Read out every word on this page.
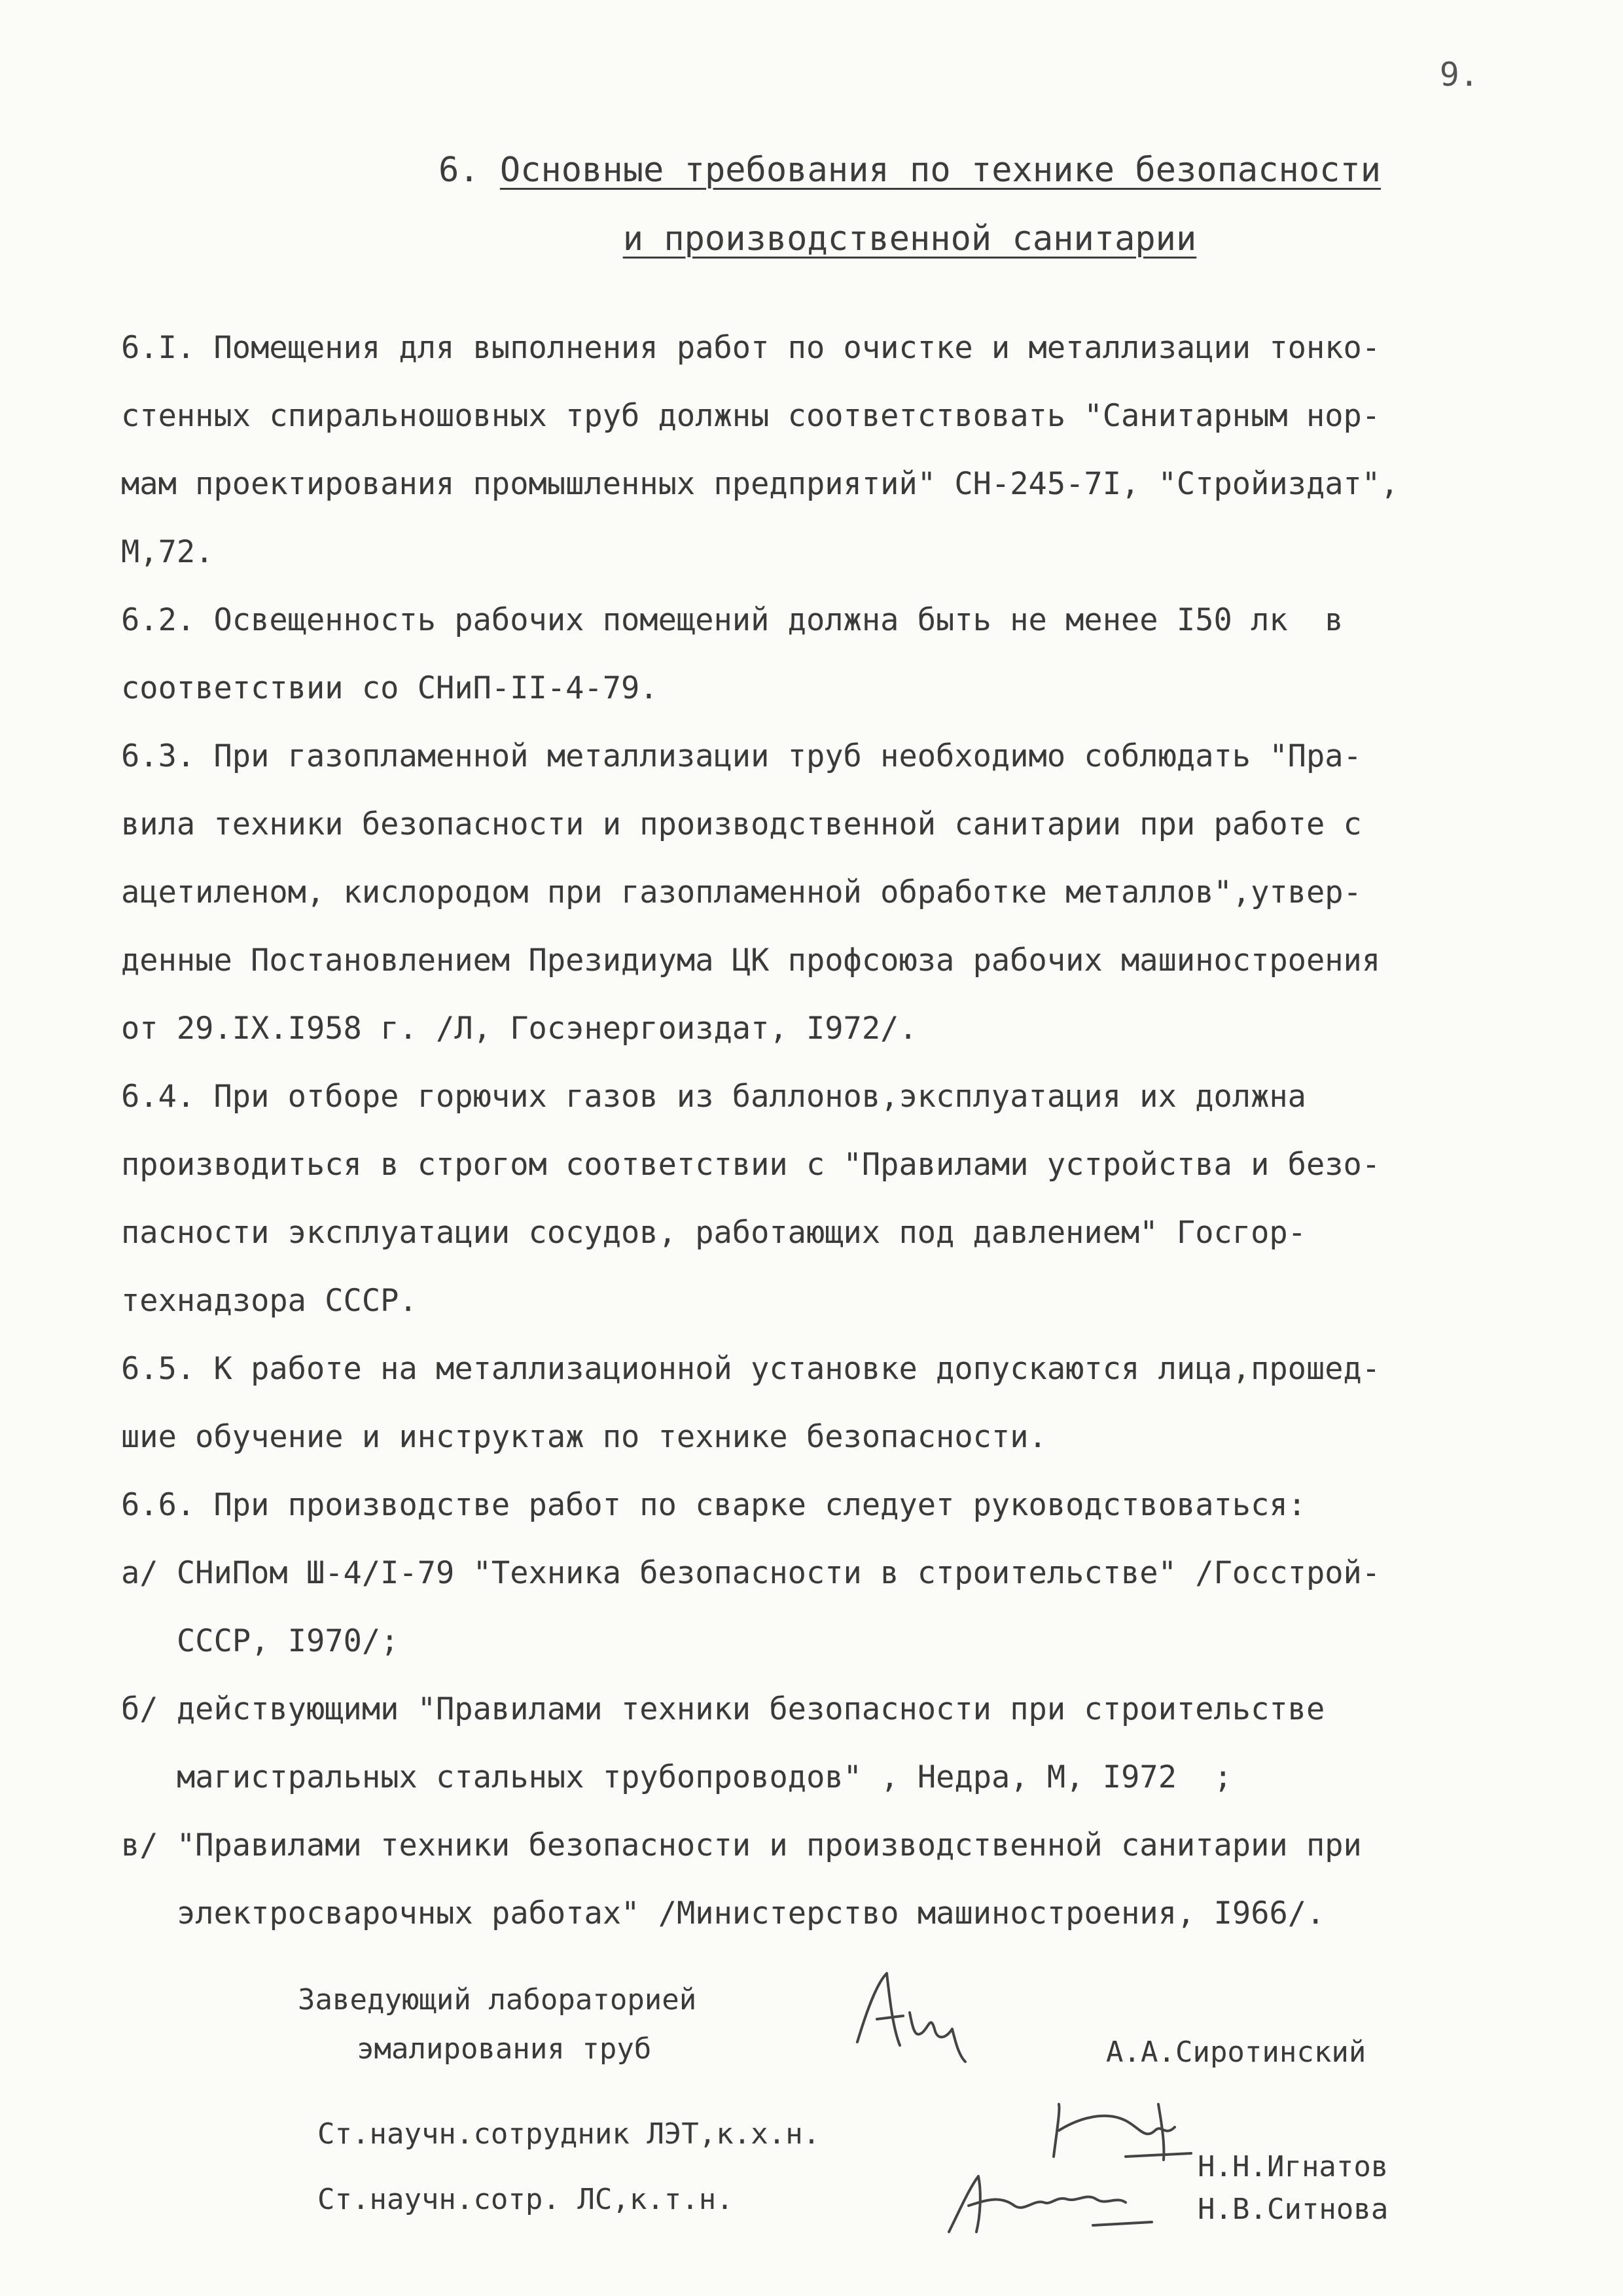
9.
6. Основные требования по технике безопасности
и производственной санитарии
6.I. Помещения для выполнения работ по очистке и металлизации тонко-
стенных спиральношовных труб должны соответствовать "Санитарным нор-
мам проектирования промышленных предприятий" СН-245-7I, "Стройиздат",
М,72.
6.2. Освещенность рабочих помещений должна быть не менее I50 лк  в
соответствии со СНиП-II-4-79.
6.3. При газопламенной металлизации труб необходимо соблюдать "Пра-
вила техники безопасности и производственной санитарии при работе с
ацетиленом, кислородом при газопламенной обработке металлов",утвер-
денные Постановлением Президиума ЦК профсоюза рабочих машиностроения
от 29.IX.I958 г. /Л, Госэнергоиздат, I972/.
6.4. При отборе горючих газов из баллонов,эксплуатация их должна
производиться в строгом соответствии с "Правилами устройства и безо-
пасности эксплуатации сосудов, работающих под давлением" Госгор-
технадзора СССР.
6.5. К работе на металлизационной установке допускаются лица,прошед-
шие обучение и инструктаж по технике безопасности.
6.6. При производстве работ по сварке следует руководствоваться:
а/ СНиПом Ш-4/I-79 "Техника безопасности в строительстве" /Госстрой-
СССР, I970/;
б/ действующими "Правилами техники безопасности при строительстве
магистральных стальных трубопроводов" , Недра, М, I972  ;
в/ "Правилами техники безопасности и производственной санитарии при
электросварочных работах" /Министерство машиностроения, I966/.
Заведующий лабораторией
эмалирования труб	А.А.Сиротинский
Ст.научн.сотрудник ЛЭТ,к.х.н.
Ст.научн.сотр. ЛС,к.т.н.
Н.Н.Игнатов
Н.В.Ситнова
